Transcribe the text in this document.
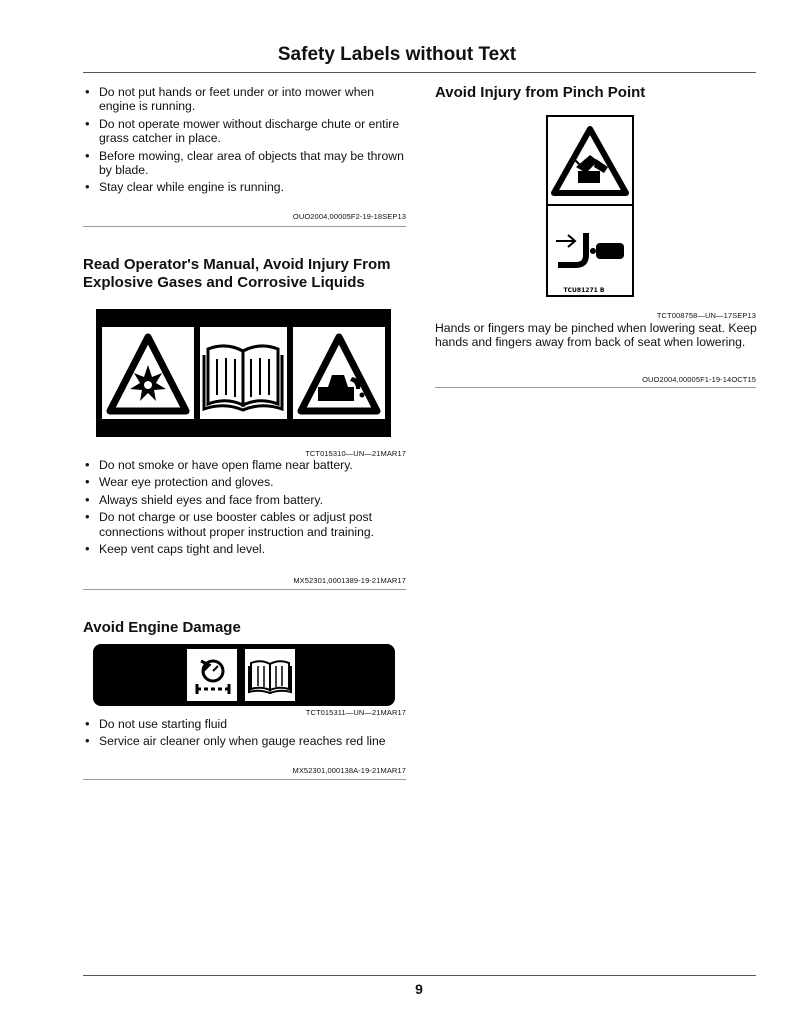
Safety Labels without Text
• Do not put hands or feet under or into mower when engine is running.
• Do not operate mower without discharge chute or entire grass catcher in place.
• Before mowing, clear area of objects that may be thrown by blade.
• Stay clear while engine is running.
OUO2004,00005F2-19-18SEP13
Read Operator's Manual, Avoid Injury From Explosive Gases and Corrosive Liquids
TCT015310—UN—21MAR17
• Do not smoke or have open flame near battery.
• Wear eye protection and gloves.
• Always shield eyes and face from battery.
• Do not charge or use booster cables or adjust post connections without proper instruction and training.
• Keep vent caps tight and level.
MX52301,0001389-19-21MAR17
Avoid Engine Damage
TCT015311—UN—21MAR17
• Do not use starting fluid
• Service air cleaner only when gauge reaches red line
MX52301,000138A-19-21MAR17
Avoid Injury from Pinch Point
TCU81271 B
TCT008758—UN—17SEP13

Hands or fingers may be pinched when lowering seat. Keep hands and fingers away from back of seat when lowering.

OUO2004,00005F1-19-14OCT15
9
